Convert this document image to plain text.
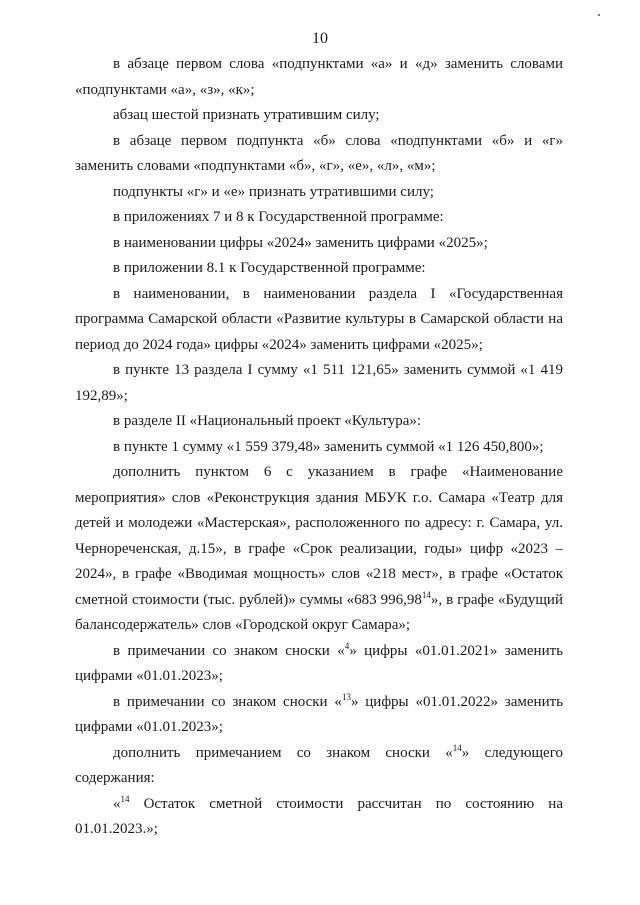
10

в абзаце первом слова «подпунктами «а» и «д» заменить словами «подпунктами «а», «з», «к»;

абзац шестой признать утратившим силу;

в абзаце первом подпункта «б» слова «подпунктами «б» и «г» заменить словами «подпунктами «б», «г», «е», «л», «м»;

подпункты «г» и «е» признать утратившими силу;

в приложениях 7 и 8 к Государственной программе:

в наименовании цифры «2024» заменить цифрами «2025»;

в приложении 8.1 к Государственной программе:

в наименовании, в наименовании раздела I «Государственная программа Самарской области «Развитие культуры в Самарской области на период до 2024 года» цифры «2024» заменить цифрами «2025»;

в пункте 13 раздела I сумму «1 511 121,65» заменить суммой «1 419 192,89»;

в разделе II «Национальный проект «Культура»:

в пункте 1 сумму «1 559 379,48» заменить суммой «1 126 450,800»;

дополнить пунктом 6 с указанием в графе «Наименование мероприятия» слов «Реконструкция здания МБУК г.о. Самара «Театр для детей и молодежи «Мастерская», расположенного по адресу: г. Самара, ул. Чернореченская, д.15», в графе «Срок реализации, годы» цифр «2023 – 2024», в графе «Вводимая мощность» слов «218 мест», в графе «Остаток сметной стоимости (тыс. рублей)» суммы «683 996,98$^{14}$», в графе «Будущий балансодержатель» слов «Городской округ Самара»;

в примечании со знаком сноски «$^4$» цифры «01.01.2021» заменить цифрами «01.01.2023»;

в примечании со знаком сноски «$^{13}$» цифры «01.01.2022» заменить цифрами «01.01.2023»;

дополнить примечанием со знаком сноски «$^{14}$» следующего содержания:

«$^{14}$ Остаток сметной стоимости рассчитан по состоянию на 01.01.2023.»;
